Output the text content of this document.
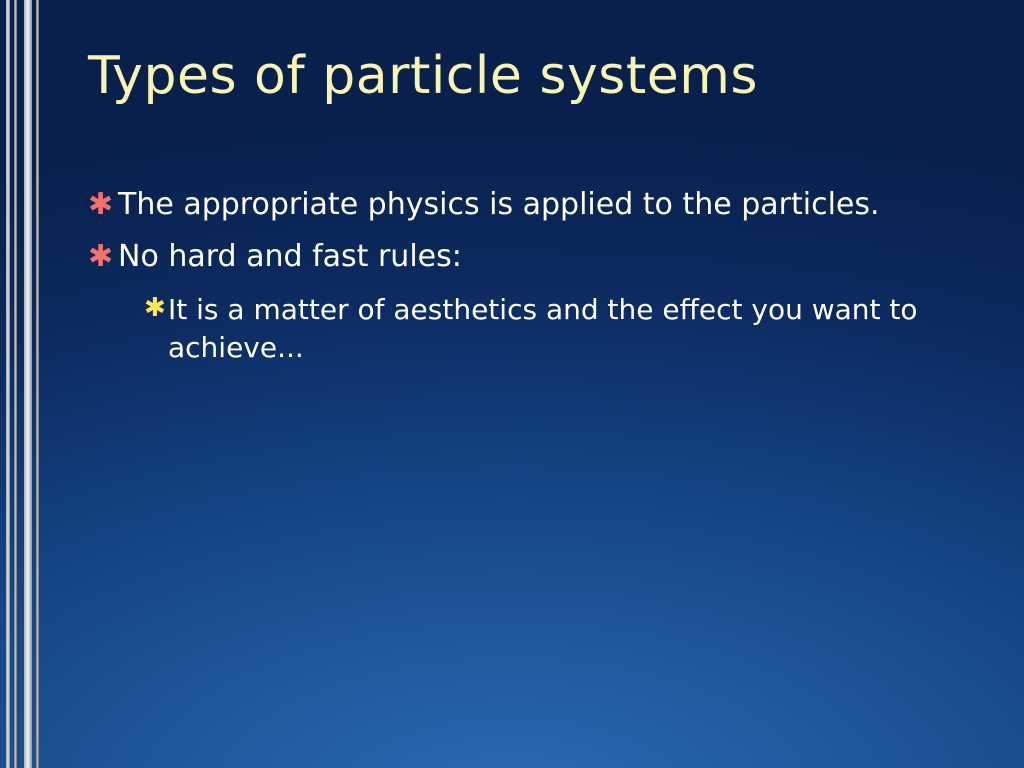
Types of particle systems
✱ The appropriate physics is applied to the particles.
✱ No hard and fast rules:
✱ It is a matter of aesthetics and the effect you want to achieve...
